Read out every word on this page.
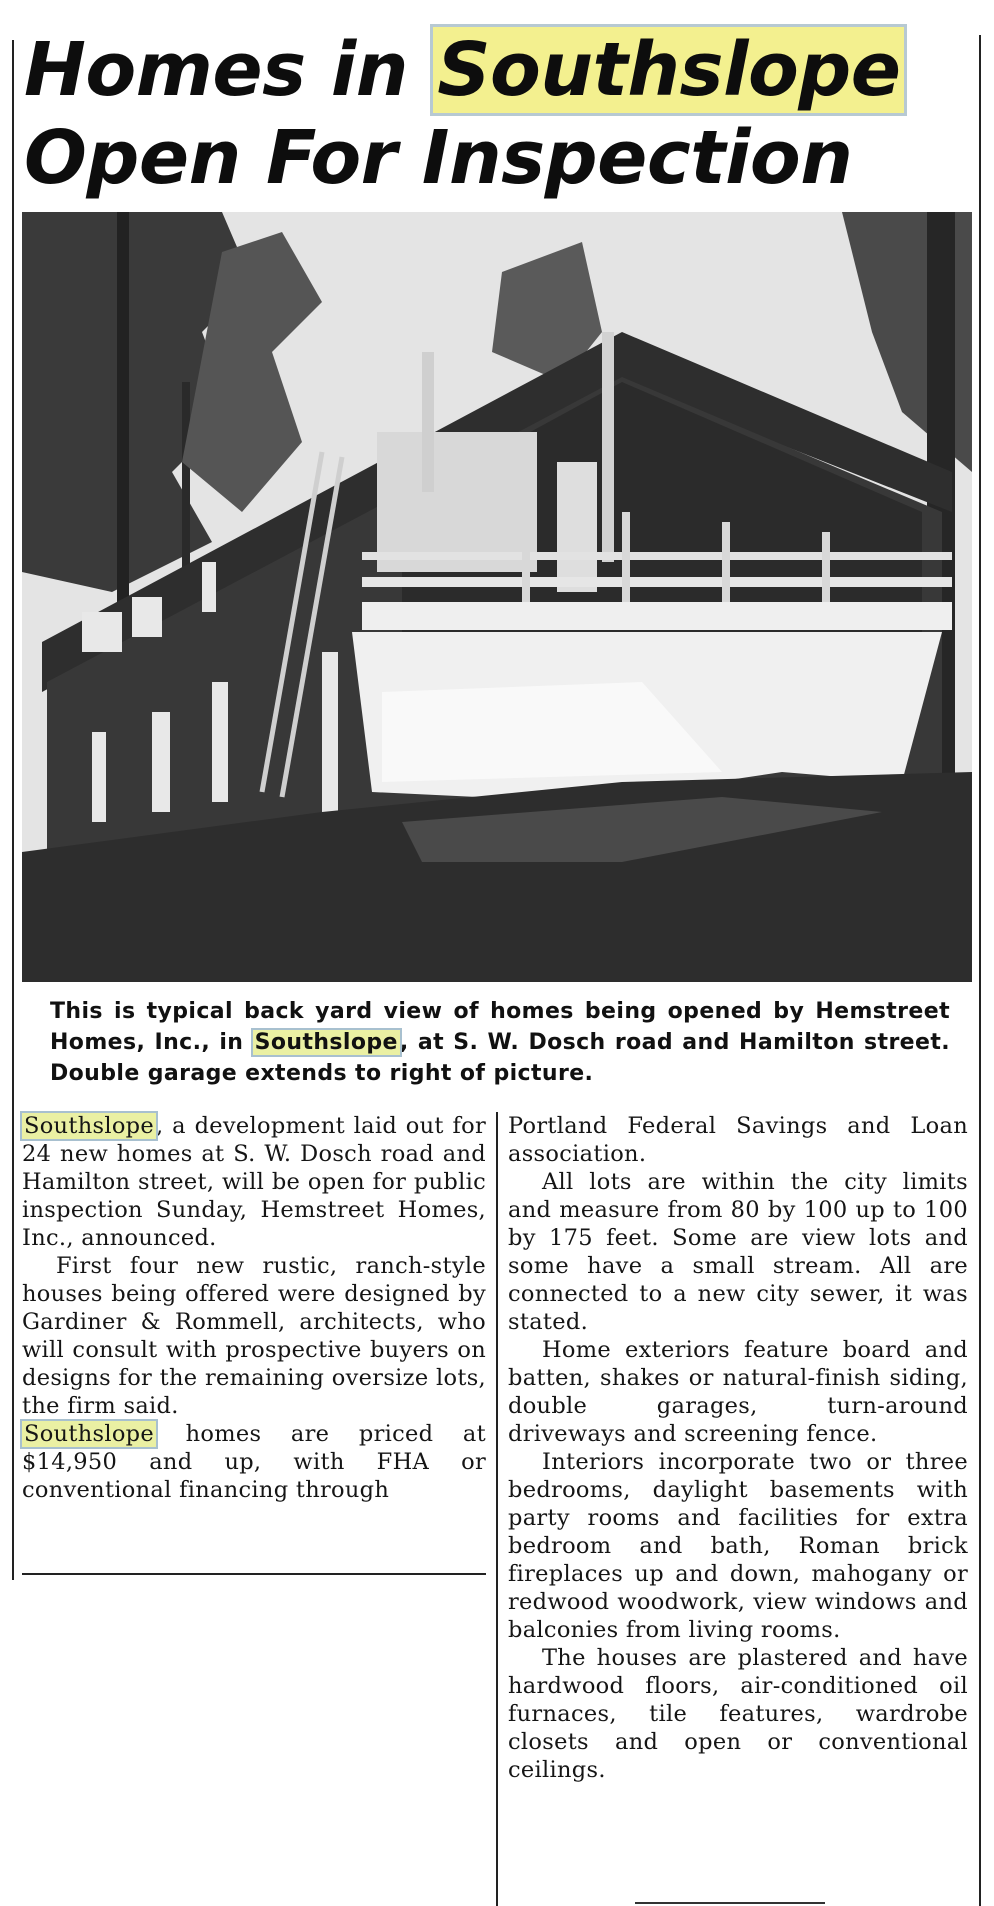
Homes in Southslope Open For Inspection

This is typical back yard view of homes being opened by Hemstreet Homes, Inc., in Southslope, at S. W. Dosch road and Hamilton street. Double garage extends to right of picture.

Southslope, a development laid out for 24 new homes at S. W. Dosch road and Hamilton street, will be open for public inspection Sunday, Hemstreet Homes, Inc., announced.

First four new rustic, ranch-style houses being offered were designed by Gardiner & Rommell, architects, who will consult with prospective buyers on designs for the remaining oversize lots, the firm said.

Southslope homes are priced at $14,950 and up, with FHA or conventional financing through

Portland Federal Savings and Loan association.

All lots are within the city limits and measure from 80 by 100 up to 100 by 175 feet. Some are view lots and some have a small stream. All are connected to a new city sewer, it was stated.

Home exteriors feature board and batten, shakes or natural-finish siding, double garages, turn-around driveways and screening fence.

Interiors incorporate two or three bedrooms, daylight basements with party rooms and facilities for extra bedroom and bath, Roman brick fireplaces up and down, mahogany or redwood woodwork, view windows and balconies from living rooms.

The houses are plastered and have hardwood floors, air-conditioned oil furnaces, tile features, wardrobe closets and open or conventional ceilings.
